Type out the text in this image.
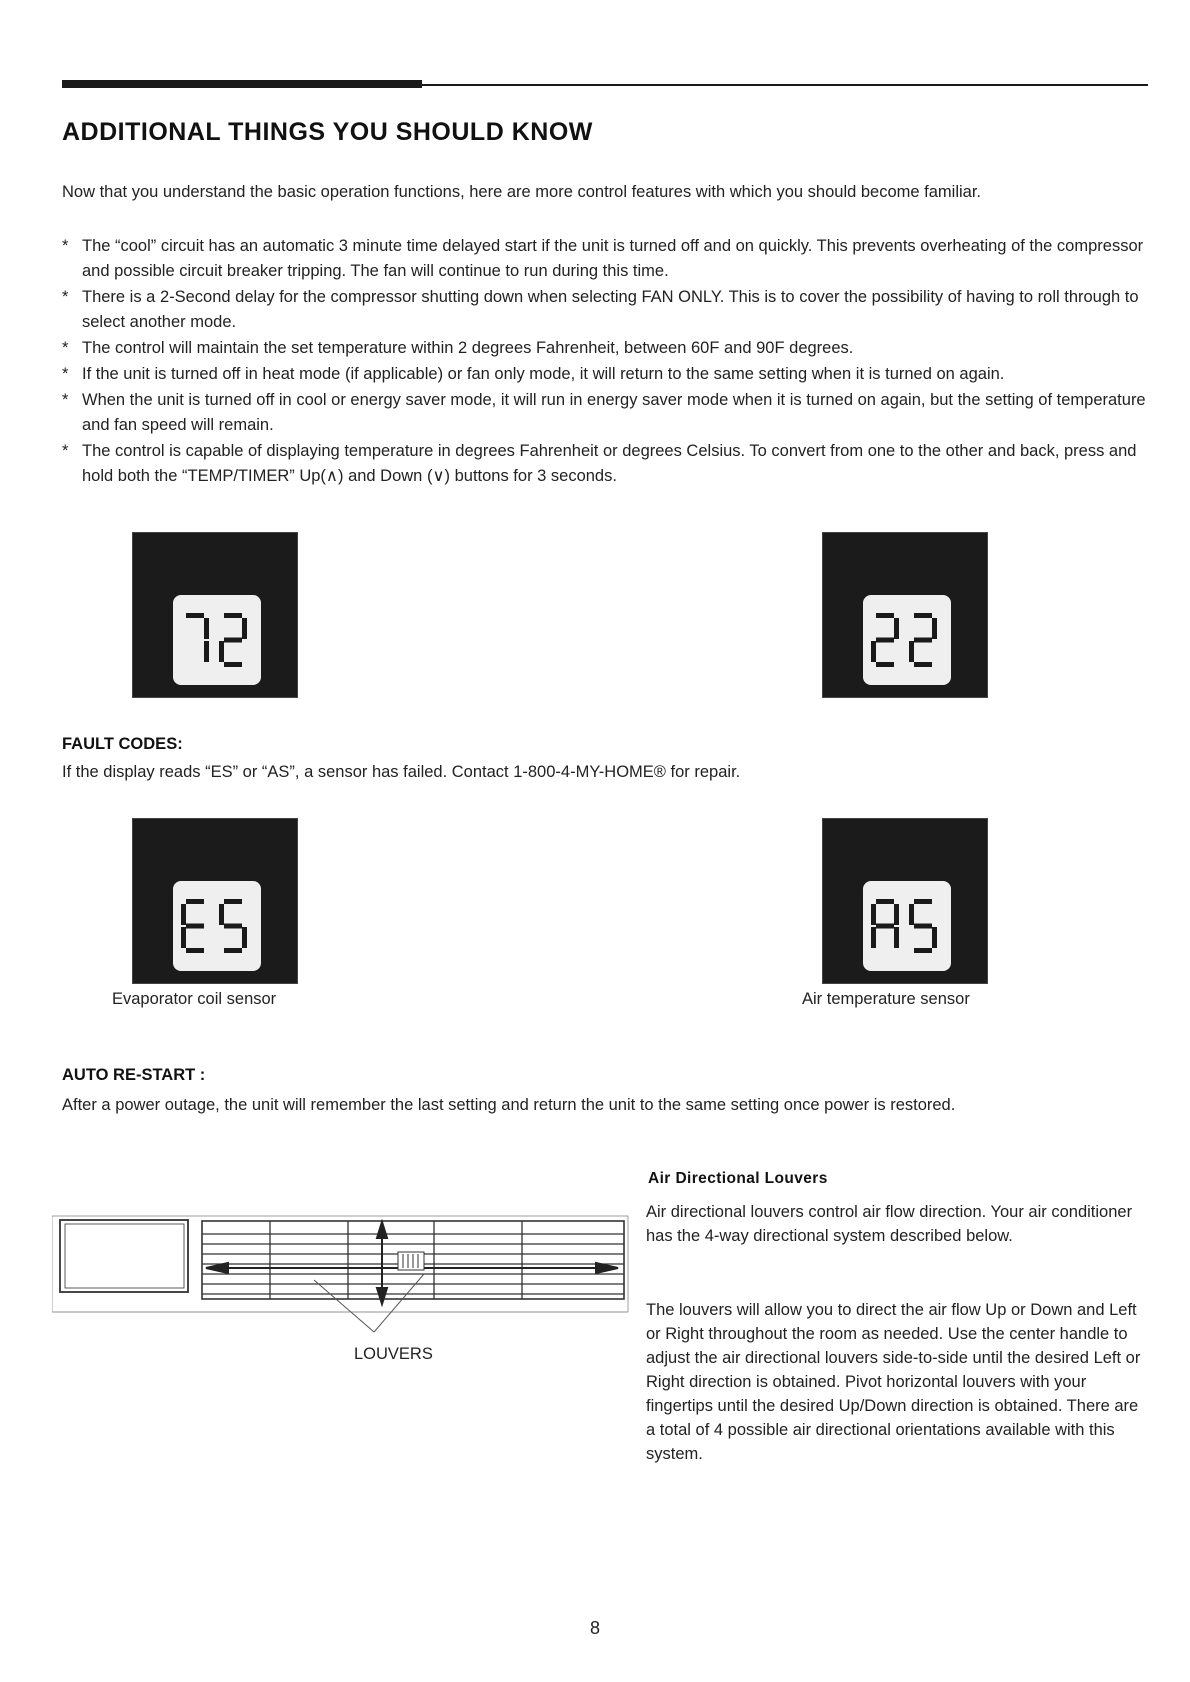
ADDITIONAL THINGS YOU SHOULD KNOW
Now that you understand the basic operation functions, here are more control features with which you should become familiar.
* The “cool” circuit has an automatic 3 minute time delayed start if the unit is turned off and on quickly. This prevents overheating of the compressor and possible circuit breaker tripping. The fan will continue to run during this time.
* There is a 2-Second delay for the compressor shutting down when selecting FAN ONLY. This is to cover the possibility of having to roll through to select another mode.
* The control will maintain the set temperature within 2 degrees Fahrenheit, between 60F and 90F degrees.
* If the unit is turned off in heat mode (if applicable) or fan only mode, it will return to the same setting when it is turned on again.
* When the unit is turned off in cool or energy saver mode, it will run in energy saver mode when it is turned on again, but the setting of temperature and fan speed will remain.
* The control is capable of displaying temperature in degrees Fahrenheit or degrees Celsius. To convert from one to the other and back, press and hold both the “TEMP/TIMER” Up(∧) and Down (∨) buttons for 3 seconds.
FAULT CODES:
If the display reads “ES” or “AS”, a sensor has failed. Contact 1-800-4-MY-HOME® for repair.
Evaporator coil sensor	Air temperature sensor
AUTO RE-START :
After a power outage, the unit will remember the last setting and return the unit to the same setting once power is restored.
LOUVERS
Air Directional Louvers
Air directional louvers control air flow direction. Your air conditioner has the 4-way directional system described below.
The louvers will allow you to direct the air flow Up or Down and Left or Right throughout the room as needed. Use the center handle to adjust the air directional louvers side-to-side until the desired Left or Right direction is obtained. Pivot horizontal louvers with your fingertips until the desired Up/Down direction is obtained. There are a total of 4 possible air directional orientations available with this system.
8
